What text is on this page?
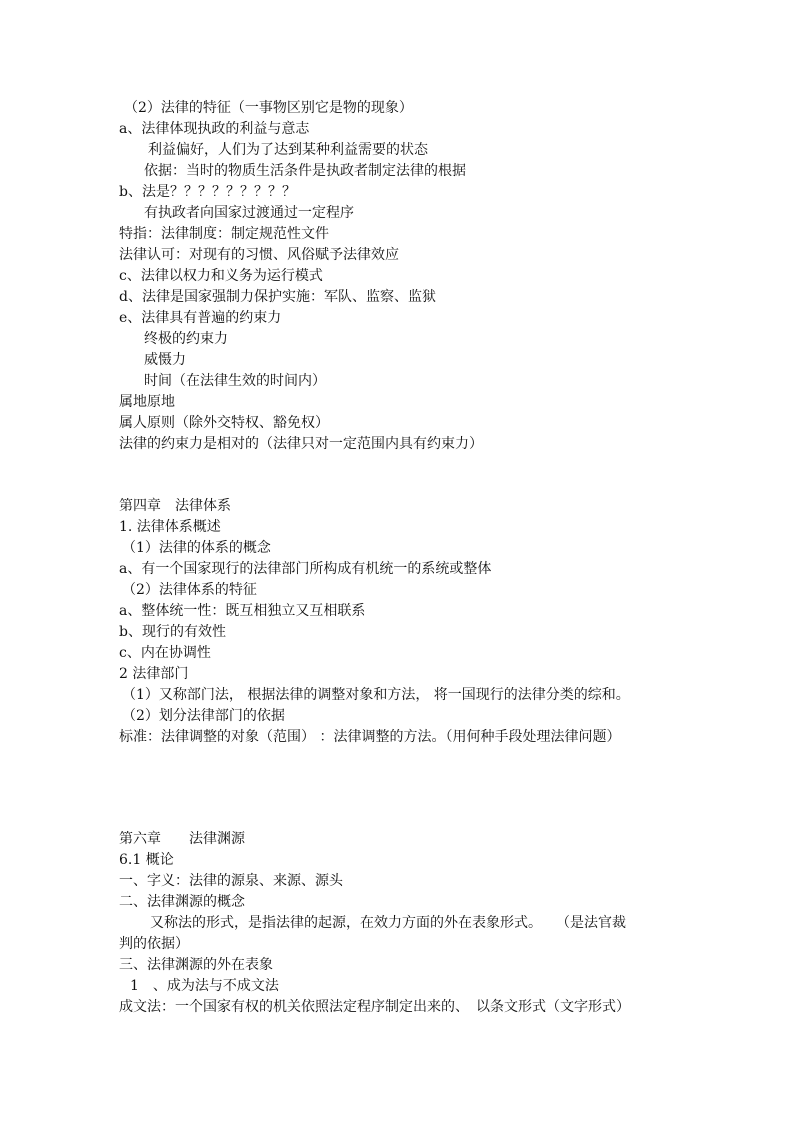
（2）法律的特征（一事物区别它是物的现象）
a、法律体现执政的利益与意志
利益偏好，人们为了达到某种利益需要的状态
依据：当时的物质生活条件是执政者制定法律的根据
b、法是？？？？？？？？？
有执政者向国家过渡通过一定程序
特指：法律制度：制定规范性文件
法律认可：对现有的习惯、风俗赋予法律效应
c、法律以权力和义务为运行模式
d、法律是国家强制力保护实施：军队、监察、监狱
e、法律具有普遍的约束力
终极的约束力
威慑力
时间（在法律生效的时间内）
属地原地
属人原则（除外交特权、豁免权）
法律的约束力是相对的（法律只对一定范围内具有约束力）
第四章　法律体系
1. 法律体系概述
（1）法律的体系的概念
a、有一个国家现行的法律部门所构成有机统一的系统或整体
（2）法律体系的特征
a、整体统一性：既互相独立又互相联系
b、现行的有效性
c、内在协调性
2 法律部门
（1）又称部门法， 根据法律的调整对象和方法， 将一国现行的法律分类的综和。
（2）划分法律部门的依据
标准：法律调整的对象（范围） ：法律调整的方法。（用何种手段处理法律问题）
第六章　　法律渊源
6.1 概论
一、字义：法律的源泉、来源、源头
二、法律渊源的概念
又称法的形式，是指法律的起源，在效力方面的外在表象形式。　　（是法官裁
判的依据）
三、法律渊源的外在表象
1　、成为法与不成文法
成文法：一个国家有权的机关依照法定程序制定出来的、　以条文形式（文字形式）
